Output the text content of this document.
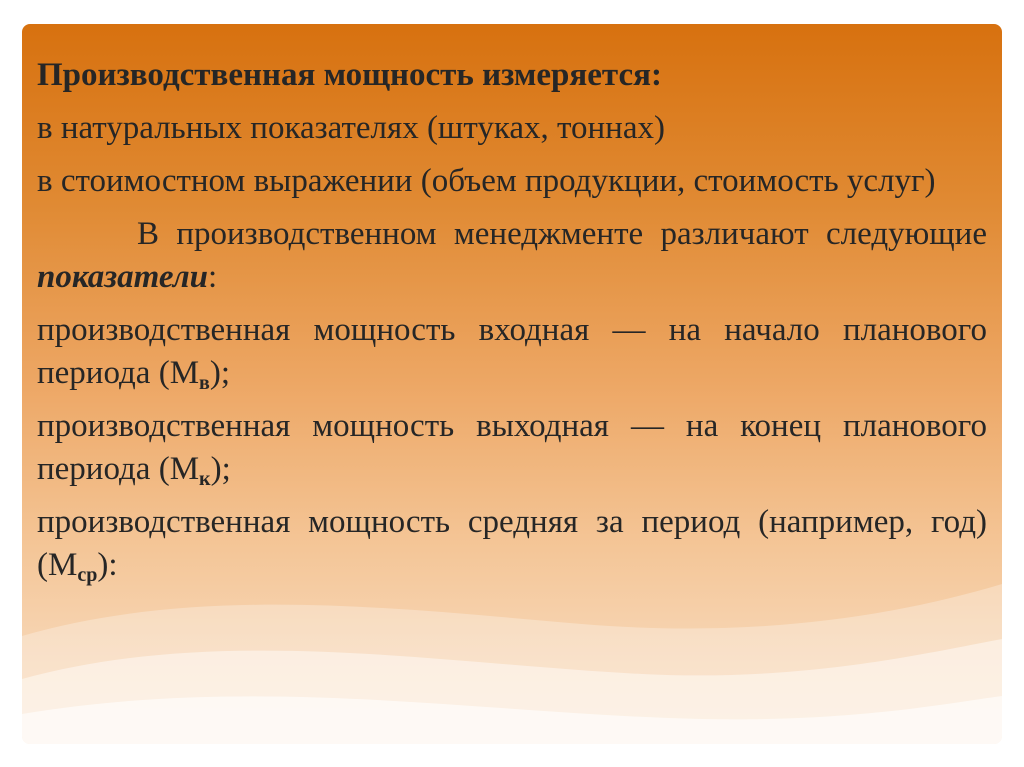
Производственная мощность измеряется:

в натуральных показателях (штуках, тоннах)

в стоимостном выражении (объем продукции, стоимость услуг)

В производственном менеджменте различают следующие показатели:

производственная мощность входная — на начало планового периода $(М_в)$;

производственная мощность выходная — на конец планового периода $(М_к)$;

производственная мощность средняя за период (например, год) $(М_{ср})$:
